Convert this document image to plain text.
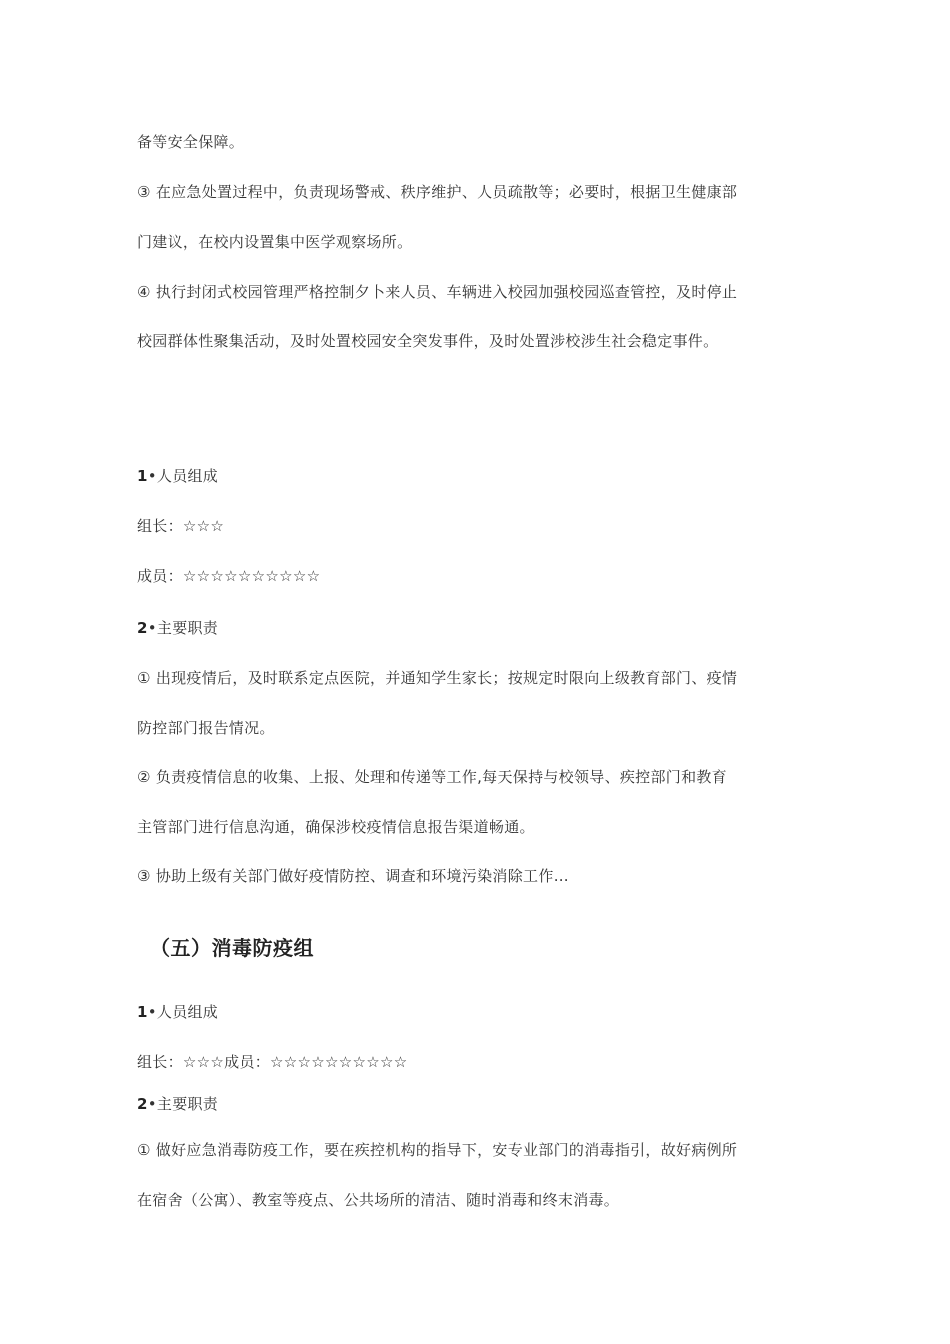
备等安全保障。
③ 在应急处置过程中，负责现场警戒、秩序维护、人员疏散等；必要时，根据卫生健康部
门建议，在校内设置集中医学观察场所。
④ 执行封闭式校园管理严格控制夕卜来人员、车辆进入校园加强校园巡查管控，及时停止
校园群体性聚集活动，及时处置校园安全突发事件，及时处置涉校涉生社会稳定事件。
1•人员组成
组长：☆☆☆
成员：☆☆☆☆☆☆☆☆☆☆
2•主要职责
① 出现疫情后，及时联系定点医院，并通知学生家长；按规定时限向上级教育部门、疫情
防控部门报告情况。
② 负责疫情信息的收集、上报、处理和传递等工作,每天保持与校领导、疾控部门和教育
主管部门进行信息沟通，确保涉校疫情信息报告渠道畅通。
③ 协助上级有关部门做好疫情防控、调查和环境污染消除工作…
（五）消毒防疫组
1•人员组成
组长：☆☆☆成员：☆☆☆☆☆☆☆☆☆☆
2•主要职责
① 做好应急消毒防疫工作，要在疾控机构的指导下，安专业部门的消毒指引，故好病例所
在宿舍（公寓）、教室等疫点、公共场所的清洁、随时消毒和终末消毒。
